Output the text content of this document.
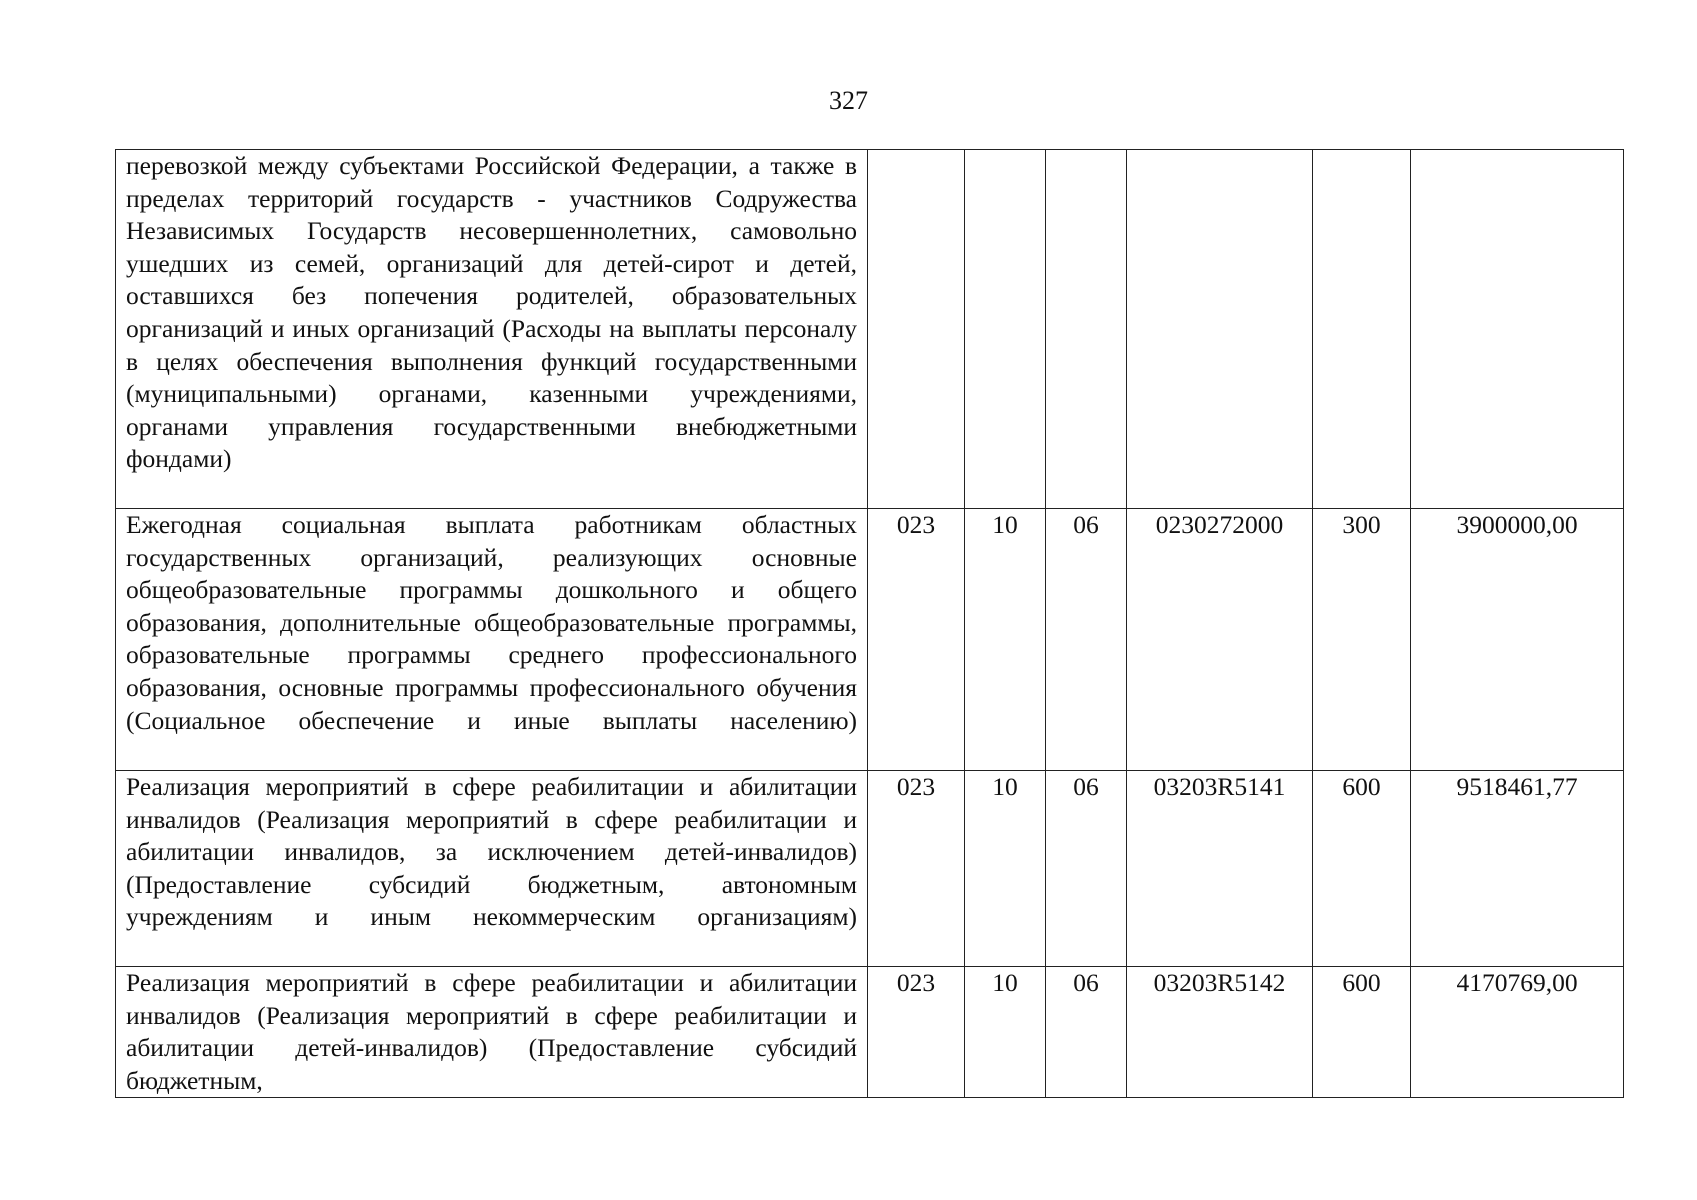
327
перевозкой между субъектами Российской Федерации, а также в пределах территорий государств - участников Содружества Независимых Государств несовершеннолетних, самовольно ушедших из семей, организаций для детей-сирот и детей, оставшихся без попечения родителей, образовательных организаций и иных организаций (Расходы на выплаты персоналу в целях обеспечения выполнения функций государственными (муниципальными) органами, казенными учреждениями, органами управления государственными внебюджетными фондами)						
Ежегодная социальная выплата работникам областных государственных организаций, реализующих основные общеобразовательные программы дошкольного и общего образования, дополнительные общеобразовательные программы, образовательные программы среднего профессионального образования, основные программы профессионального обучения (Социальное обеспечение и иные выплаты населению)	023	10	06	0230272000	300	3900000,00
Реализация мероприятий в сфере реабилитации и абилитации инвалидов (Реализация мероприятий в сфере реабилитации и абилитации инвалидов, за исключением детей-инвалидов) (Предоставление субсидий бюджетным, автономным учреждениям и иным некоммерческим организациям)	023	10	06	03203R5141	600	9518461,77
Реализация мероприятий в сфере реабилитации и абилитации инвалидов (Реализация мероприятий в сфере реабилитации и абилитации детей-инвалидов) (Предоставление субсидий бюджетным,	023	10	06	03203R5142	600	4170769,00
